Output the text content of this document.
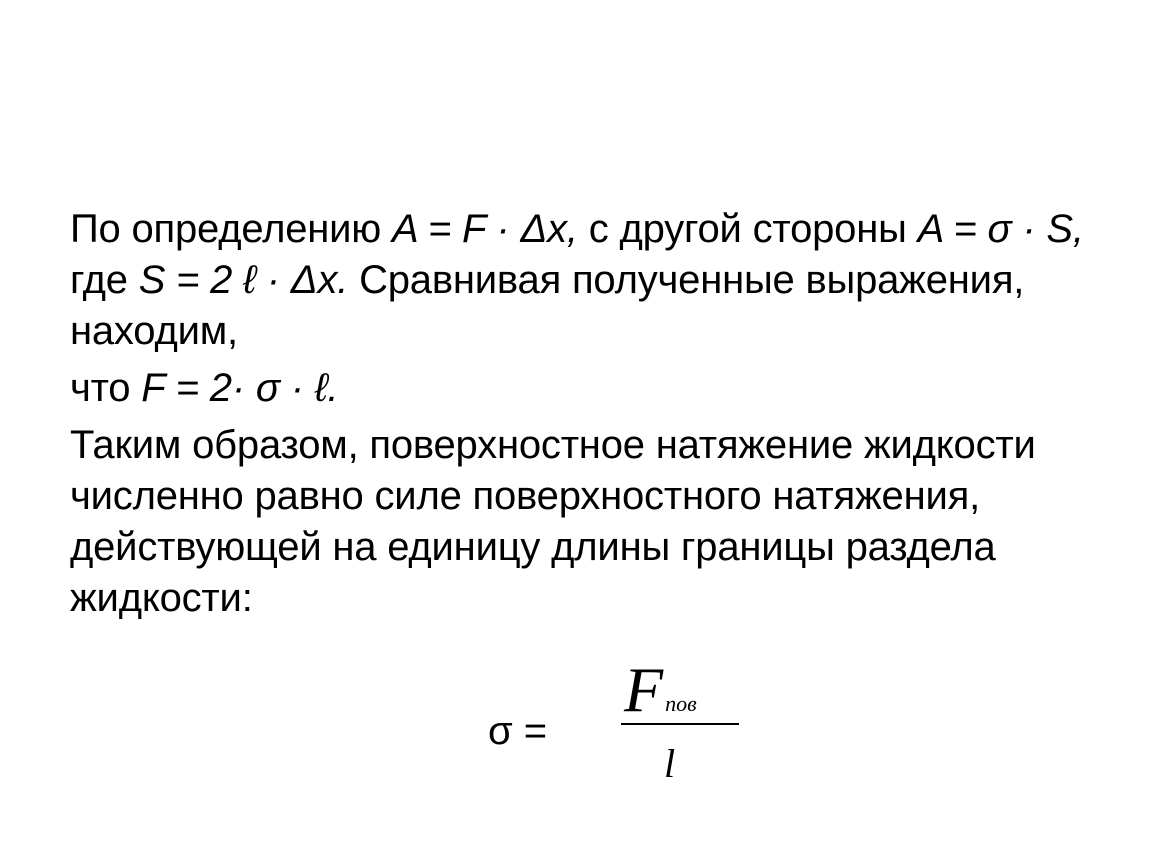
По определению A = F · Δx, с другой стороны A = σ · S, где S = 2 ℓ · Δx. Сравнивая полученные выражения, находим,

что F = 2· σ · ℓ.

Таким образом, поверхностное натяжение жидкости численно равно силе поверхностного натяжения, действующей на единицу длины границы раздела жидкости:

σ =
Fпов
l
